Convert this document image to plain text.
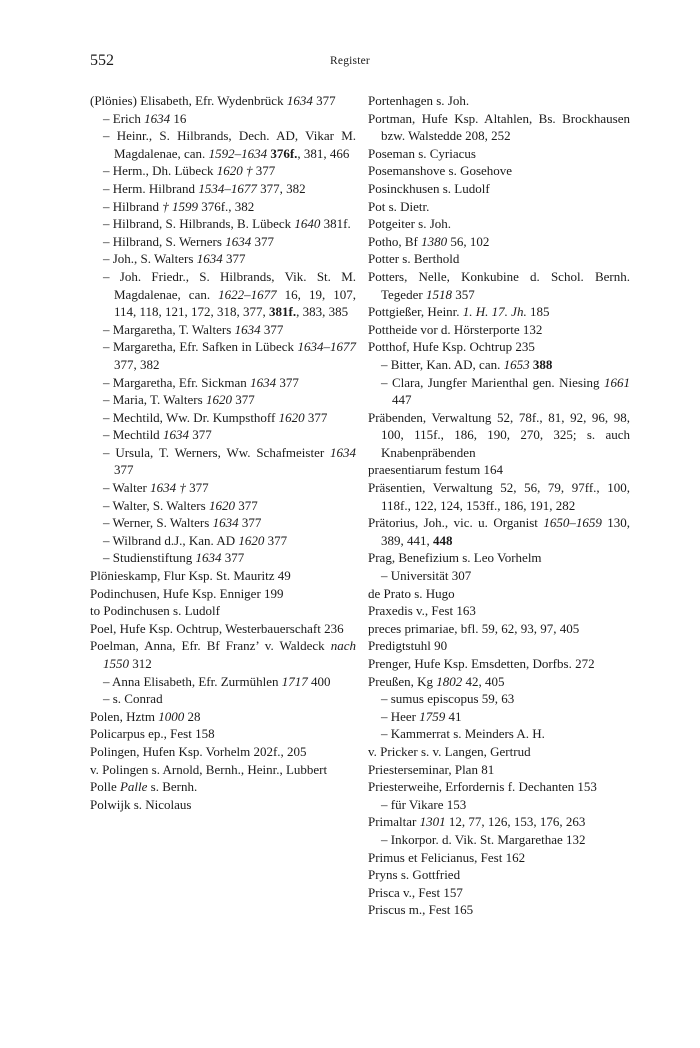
552	Register

(Plönies) Elisabeth, Efr. Wydenbrück 1634 377

– Erich 1634 16

– Heinr., S. Hilbrands, Dech. AD, Vikar M. Magdalenae, can. 1592–1634 376f., 381, 466

– Herm., Dh. Lübeck 1620 † 377

– Herm. Hilbrand 1534–1677 377, 382

– Hilbrand † 1599 376f., 382

– Hilbrand, S. Hilbrands, B. Lübeck 1640 381f.

– Hilbrand, S. Werners 1634 377

– Joh., S. Walters 1634 377

– Joh. Friedr., S. Hilbrands, Vik. St. M. Magdalenae, can. 1622–1677 16, 19, 107, 114, 118, 121, 172, 318, 377, 381f., 383, 385

– Margaretha, T. Walters 1634 377

– Margaretha, Efr. Safken in Lübeck 1634–1677 377, 382

– Margaretha, Efr. Sickman 1634 377

– Maria, T. Walters 1620 377

– Mechtild, Ww. Dr. Kumpsthoff 1620 377

– Mechtild 1634 377

– Ursula, T. Werners, Ww. Schafmeister 1634 377

– Walter 1634 † 377

– Walter, S. Walters 1620 377

– Werner, S. Walters 1634 377

– Wilbrand d.J., Kan. AD 1620 377

– Studienstiftung 1634 377

Plönieskamp, Flur Ksp. St. Mauritz 49

Podinchusen, Hufe Ksp. Enniger 199

to Podinchusen s. Ludolf

Poel, Hufe Ksp. Ochtrup, Westerbauerschaft 236

Poelman, Anna, Efr. Bf Franz’ v. Waldeck nach 1550 312

– Anna Elisabeth, Efr. Zurmühlen 1717 400

– s. Conrad

Polen, Hztm 1000 28

Policarpus ep., Fest 158

Polingen, Hufen Ksp. Vorhelm 202f., 205

v. Polingen s. Arnold, Bernh., Heinr., Lubbert

Polle Palle s. Bernh.

Polwijk s. Nicolaus

Portenhagen s. Joh.

Portman, Hufe Ksp. Altahlen, Bs. Brockhausen bzw. Walstedde 208, 252

Poseman s. Cyriacus

Posemanshove s. Gosehove

Posinckhusen s. Ludolf

Pot s. Dietr.

Potgeiter s. Joh.

Potho, Bf 1380 56, 102

Potter s. Berthold

Potters, Nelle, Konkubine d. Schol. Bernh. Tegeder 1518 357

Pottgießer, Heinr. 1. H. 17. Jh. 185

Pottheide vor d. Hörsterporte 132

Potthof, Hufe Ksp. Ochtrup 235

– Bitter, Kan. AD, can. 1653 388

– Clara, Jungfer Marienthal gen. Niesing 1661 447

Präbenden, Verwaltung 52, 78f., 81, 92, 96, 98, 100, 115f., 186, 190, 270, 325; s. auch Knabenpräbenden

praesentiarum festum 164

Präsentien, Verwaltung 52, 56, 79, 97ff., 100, 118f., 122, 124, 153ff., 186, 191, 282

Prätorius, Joh., vic. u. Organist 1650–1659 130, 389, 441, 448

Prag, Benefizium s. Leo Vorhelm

– Universität 307

de Prato s. Hugo

Praxedis v., Fest 163

preces primariae, bfl. 59, 62, 93, 97, 405

Predigtstuhl 90

Prenger, Hufe Ksp. Emsdetten, Dorfbs. 272

Preußen, Kg 1802 42, 405

– sumus episcopus 59, 63

– Heer 1759 41

– Kammerrat s. Meinders A. H.

v. Pricker s. v. Langen, Gertrud

Priesterseminar, Plan 81

Priesterweihe, Erfordernis f. Dechanten 153

– für Vikare 153

Primaltar 1301 12, 77, 126, 153, 176, 263

– Inkorpor. d. Vik. St. Margarethae 132

Primus et Felicianus, Fest 162

Pryns s. Gottfried

Prisca v., Fest 157

Priscus m., Fest 165
